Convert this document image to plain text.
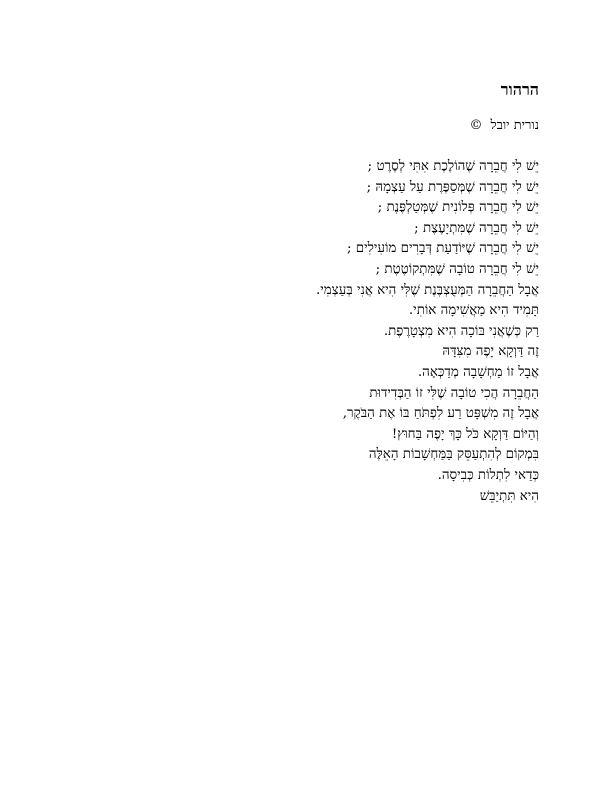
הרהור
נורית יובל©
יֵשׁ לִי חֲבֵרָה שֶׁהוֹלֶכֶת אִתִּי לְסֶרֶט ;
יֵשׁ לִי חֲבֵרָה שֶׁמְּסַפֶּרֶת עַל עַצְמָהּ ;
יֵשׁ לִי חֲבֵרָה פְּלוֹנִית שֶׁמְּטַלְפֶּנֶת ;
יֵשׁ לִי חֲבֵרָה שֶׁמִּתְיָעֶצֶת ;
יֵשׁ לִי חֲבֵרָה שֶׁיּוֹדַעַת דְּבָרִים מוֹעִילִים ;
יֵשׁ לִי חֲבֵרָה טוֹבָה שֶׁמִּתְקוֹטֶטֶת ;
אֲבָל הַחֲבֵרָה הַמְּעֻצְבֶּנֶת שֶׁלִּי הִיא אֲנִי בְּעַצְמִי.
תָּמִיד הִיא מַאֲשִׁימָה אוֹתִי.
רַק כְּשֶׁאֲנִי בּוֹכָה הִיא מִצְטָרֶפֶת.
זֶה דַּוְקָא יָפֶה מִצִּדָּהּ
אֲבָל זוֹ מַחְשָׁבָה מְדַכְּאָה.
הַחֲבֵרָה הֲכִי טוֹבָה שֶׁלִּי זוֹ הַבְּדִידוּת
אֲבָל זֶה מִשְׁפָּט רַע לִפְתֹּחַ בּוֹ אֶת הַבֹּקֶר,
וְהַיּוֹם דַּוְקָא כֹּל כָּךְ יָפֶה בַּחוּץ!
בִּמְקוֹם לְהִתְעַסֵּק בַּמַּחְשָׁבוֹת הָאֵלֶּה
כְּדַאי לִתְלוֹת כְּבִיסָה.
הִיא תִּתְיַבֵּשׁ
